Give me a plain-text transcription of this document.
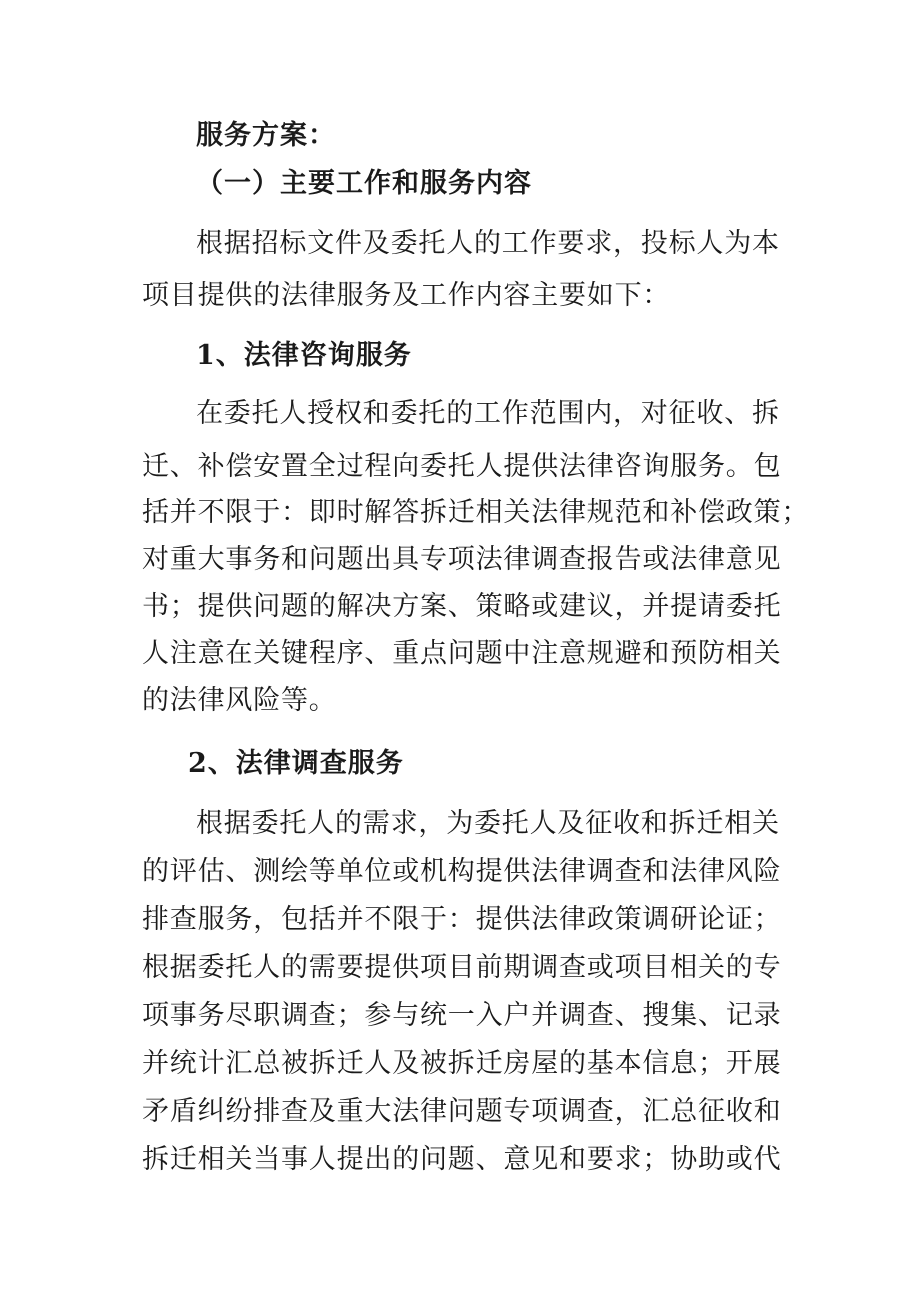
服务方案：
（一）主要工作和服务内容
根据招标文件及委托人的工作要求，投标人为本
项目提供的法律服务及工作内容主要如下：
1、法律咨询服务
在委托人授权和委托的工作范围内，对征收、拆
迁、补偿安置全过程向委托人提供法律咨询服务。包
括并不限于：即时解答拆迁相关法律规范和补偿政策；
对重大事务和问题出具专项法律调查报告或法律意见
书；提供问题的解决方案、策略或建议，并提请委托
人注意在关键程序、重点问题中注意规避和预防相关
的法律风险等。
2、法律调查服务
根据委托人的需求，为委托人及征收和拆迁相关
的评估、测绘等单位或机构提供法律调查和法律风险
排查服务，包括并不限于：提供法律政策调研论证；
根据委托人的需要提供项目前期调查或项目相关的专
项事务尽职调查；参与统一入户并调查、搜集、记录
并统计汇总被拆迁人及被拆迁房屋的基本信息；开展
矛盾纠纷排查及重大法律问题专项调查，汇总征收和
拆迁相关当事人提出的问题、意见和要求；协助或代
